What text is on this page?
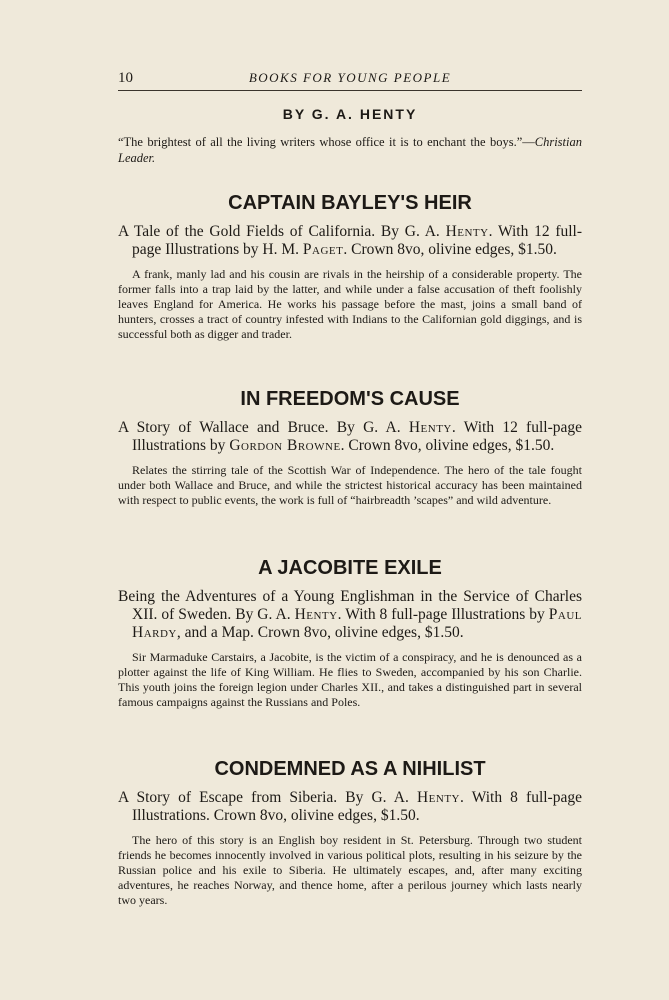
10	BOOKS FOR YOUNG PEOPLE
BY G. A. HENTY

“The brightest of all the living writers whose office it is to enchant the boys.”—Christian Leader.

CAPTAIN BAYLEY'S HEIR

A Tale of the Gold Fields of California. By G. A. Henty. With 12 full-page Illustrations by H. M. Paget. Crown 8vo, olivine edges, $1.50.

A frank, manly lad and his cousin are rivals in the heirship of a considerable property. The former falls into a trap laid by the latter, and while under a false accusation of theft foolishly leaves England for America. He works his passage before the mast, joins a small band of hunters, crosses a tract of country infested with Indians to the Californian gold diggings, and is successful both as digger and trader.

IN FREEDOM'S CAUSE

A Story of Wallace and Bruce. By G. A. Henty. With 12 full-page Illustrations by Gordon Browne. Crown 8vo, olivine edges, $1.50.

Relates the stirring tale of the Scottish War of Independence. The hero of the tale fought under both Wallace and Bruce, and while the strictest historical accuracy has been maintained with respect to public events, the work is full of “hairbreadth ’scapes” and wild adventure.

A JACOBITE EXILE

Being the Adventures of a Young Englishman in the Service of Charles XII. of Sweden. By G. A. Henty. With 8 full-page Illustrations by Paul Hardy, and a Map. Crown 8vo, olivine edges, $1.50.

Sir Marmaduke Carstairs, a Jacobite, is the victim of a conspiracy, and he is denounced as a plotter against the life of King William. He flies to Sweden, accompanied by his son Charlie. This youth joins the foreign legion under Charles XII., and takes a distinguished part in several famous campaigns against the Russians and Poles.

CONDEMNED AS A NIHILIST

A Story of Escape from Siberia. By G. A. Henty. With 8 full-page Illustrations. Crown 8vo, olivine edges, $1.50.

The hero of this story is an English boy resident in St. Petersburg. Through two student friends he becomes innocently involved in various political plots, resulting in his seizure by the Russian police and his exile to Siberia. He ultimately escapes, and, after many exciting adventures, he reaches Norway, and thence home, after a perilous journey which lasts nearly two years.
